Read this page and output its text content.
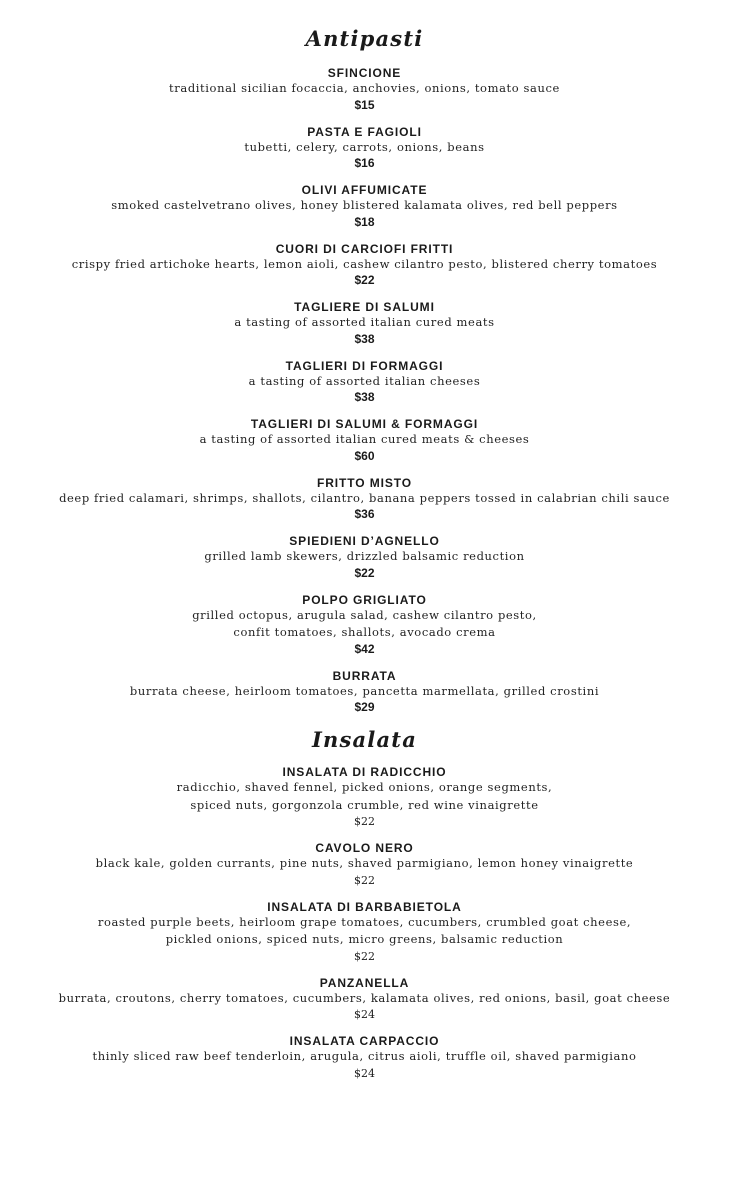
Antipasti
SFINCIONE
traditional sicilian focaccia, anchovies, onions, tomato sauce
$15
PASTA E FAGIOLI
tubetti, celery, carrots, onions, beans
$16
OLIVI AFFUMICATE
smoked castelvetrano olives, honey blistered kalamata olives, red bell peppers
$18
CUORI DI CARCIOFI FRITTI
crispy fried artichoke hearts, lemon aioli, cashew cilantro pesto, blistered cherry tomatoes
$22
TAGLIERE DI SALUMI
a tasting of assorted italian cured meats
$38
TAGLIERI DI FORMAGGI
a tasting of assorted italian cheeses
$38
TAGLIERI DI SALUMI & FORMAGGI
a tasting of assorted italian cured meats & cheeses
$60
FRITTO MISTO
deep fried calamari, shrimps, shallots, cilantro, banana peppers tossed in calabrian chili sauce
$36
SPIEDIENI D’AGNELLO
grilled lamb skewers, drizzled balsamic reduction
$22
POLPO GRIGLIATO
grilled octopus, arugula salad, cashew cilantro pesto,
confit tomatoes, shallots, avocado crema
$42
BURRATA
burrata cheese, heirloom tomatoes, pancetta marmellata, grilled crostini
$29
Insalata
INSALATA DI RADICCHIO
radicchio, shaved fennel, picked onions, orange segments,
spiced nuts, gorgonzola crumble, red wine vinaigrette
$22
CAVOLO NERO
black kale, golden currants, pine nuts, shaved parmigiano, lemon honey vinaigrette
$22
INSALATA DI BARBABIETOLA
roasted purple beets, heirloom grape tomatoes, cucumbers, crumbled goat cheese,
pickled onions, spiced nuts, micro greens, balsamic reduction
$22
PANZANELLA
burrata, croutons, cherry tomatoes, cucumbers, kalamata olives, red onions, basil, goat cheese
$24
INSALATA CARPACCIO
thinly sliced raw beef tenderloin, arugula, citrus aioli, truffle oil, shaved parmigiano
$24
